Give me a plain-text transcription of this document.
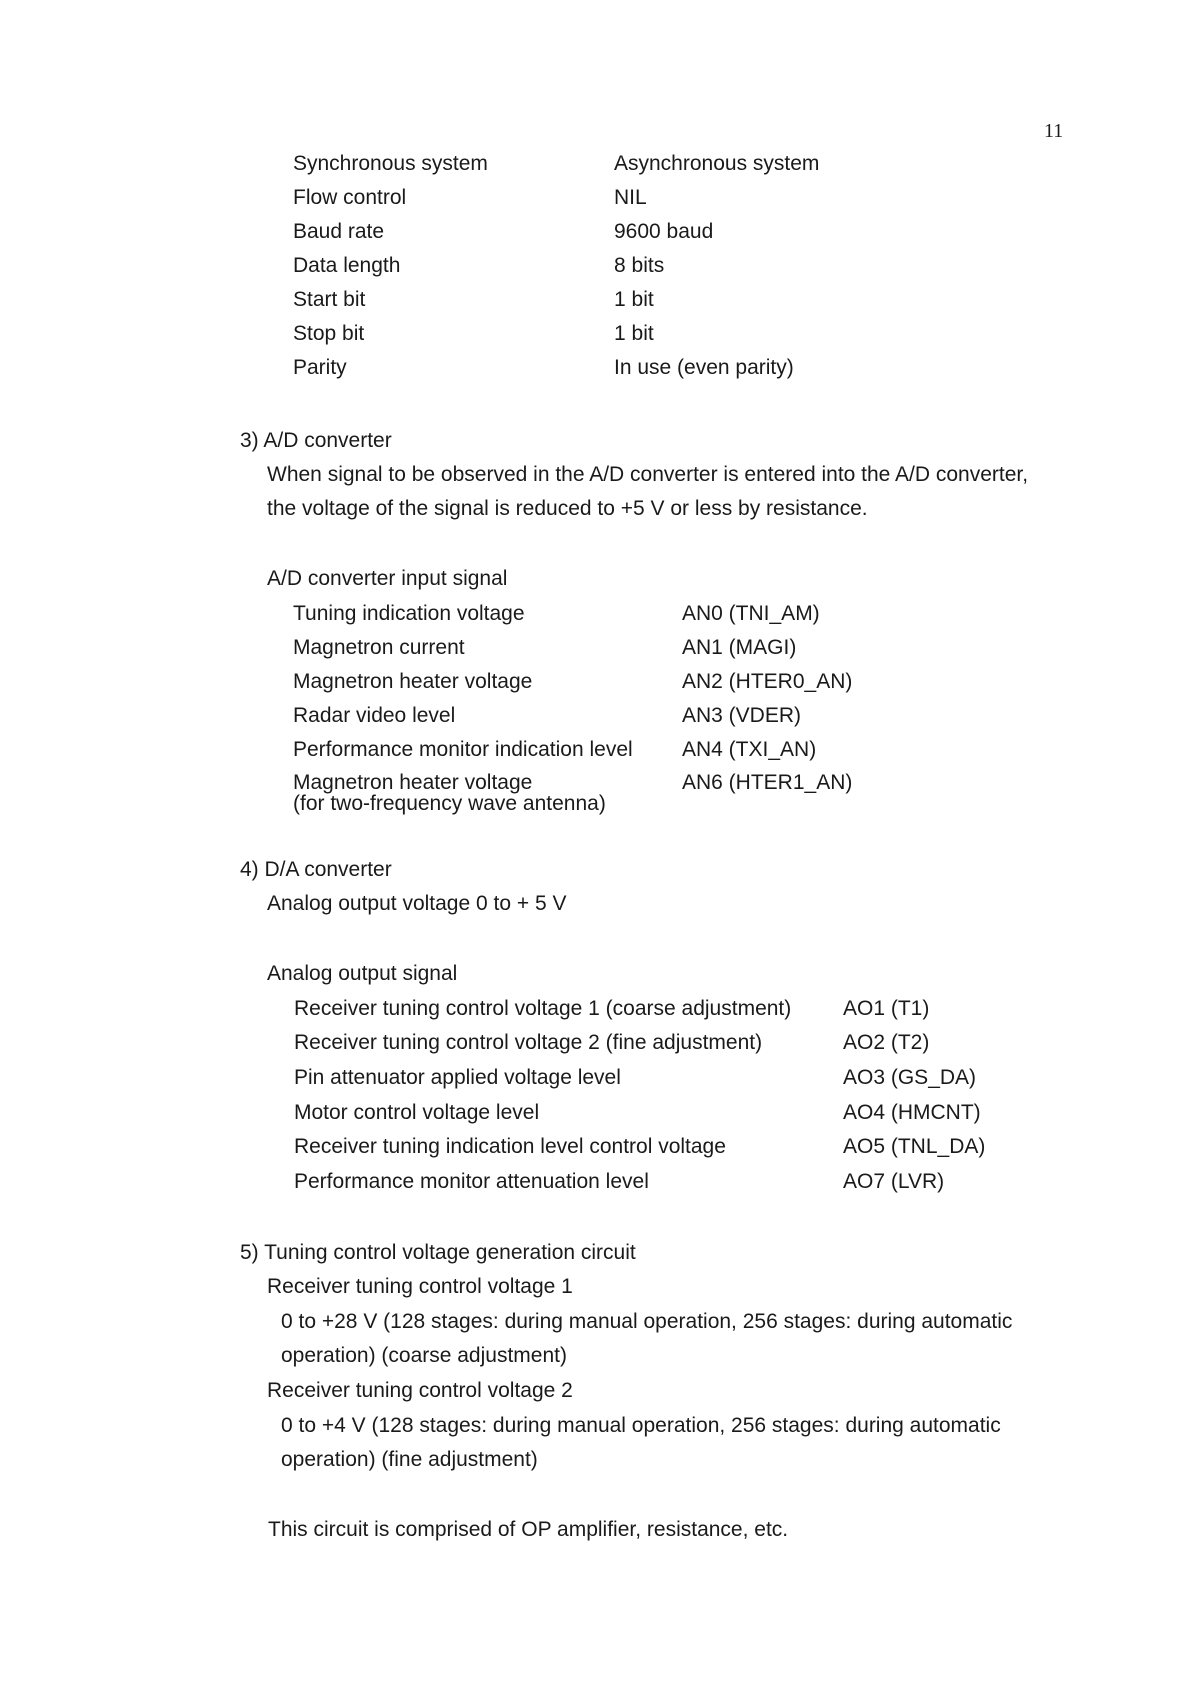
11
Synchronous system	Asynchronous system
Flow control	NIL
Baud rate	9600 baud
Data length	8 bits
Start bit	1 bit
Stop bit	1 bit
Parity	In use (even parity)
3) A/D converter
When signal to be observed in the A/D converter is entered into the A/D converter,
the voltage of the signal is reduced to +5 V or less by resistance.
A/D converter input signal
Tuning indication voltage	AN0 (TNI_AM)
Magnetron current	AN1 (MAGI)
Magnetron heater voltage	AN2 (HTER0_AN)
Radar video level	AN3 (VDER)
Performance monitor indication level AN4 (TXI_AN)
Magnetron heater voltage	AN6 (HTER1_AN)
(for two-frequency wave antenna)
4) D/A converter
Analog output voltage 0 to + 5 V
Analog output signal
Receiver tuning control voltage 1 (coarse adjustment) AO1 (T1)
Receiver tuning control voltage 2 (fine adjustment)	AO2 (T2)
Pin attenuator applied voltage level	AO3 (GS_DA)
Motor control voltage level	AO4 (HMCNT)
Receiver tuning indication level control voltage	AO5 (TNL_DA)
Performance monitor attenuation level	AO7 (LVR)
5) Tuning control voltage generation circuit
Receiver tuning control voltage 1
0 to +28 V (128 stages: during manual operation, 256 stages: during automatic
operation) (coarse adjustment)
Receiver tuning control voltage 2
0 to +4 V (128 stages: during manual operation, 256 stages: during automatic
operation) (fine adjustment)
This circuit is comprised of OP amplifier, resistance, etc.
